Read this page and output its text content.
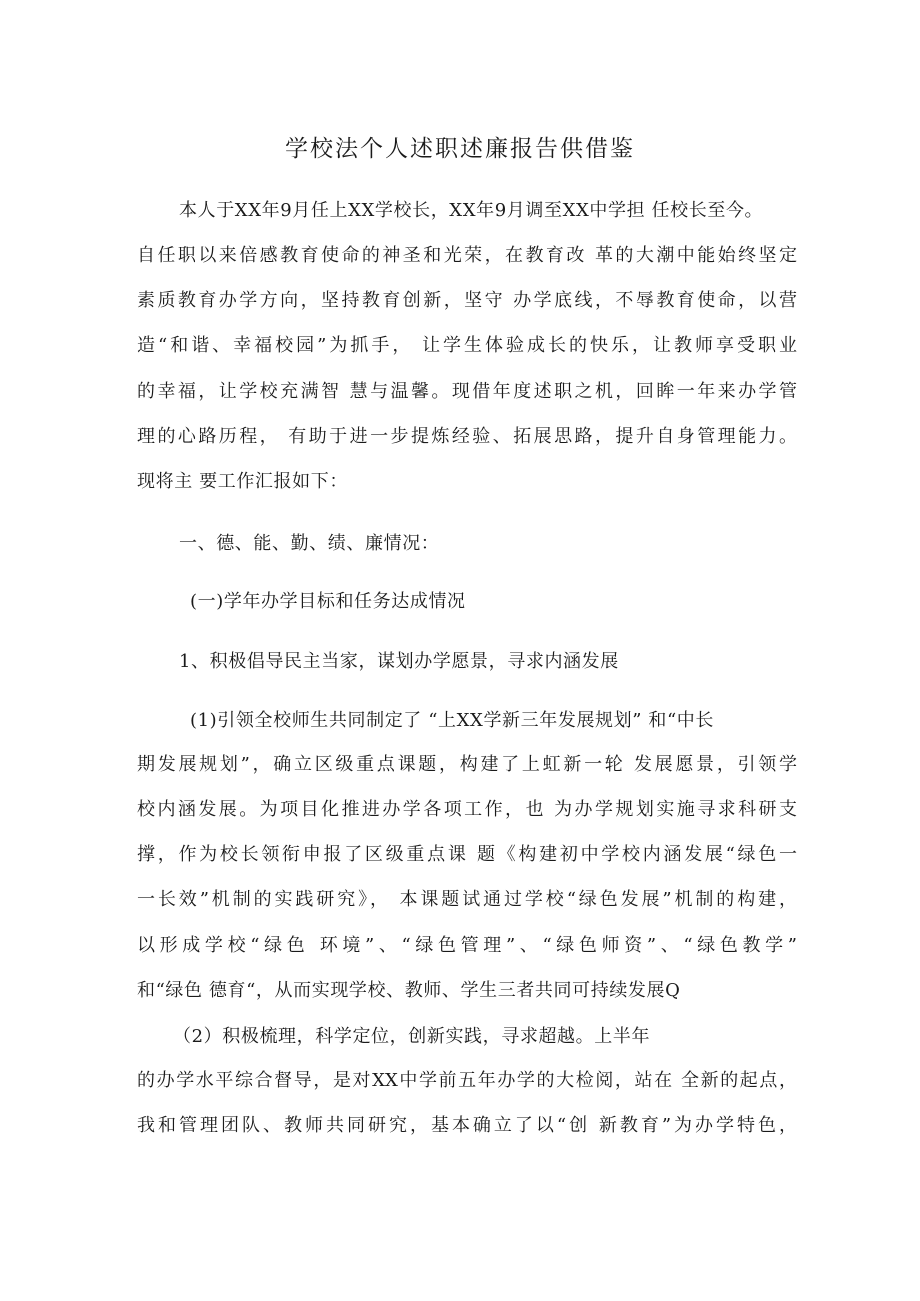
学校法个人述职述廉报告供借鉴
本人于XX年9月任上XX学校长，XX年9月调至XX中学担 任校长至今。
自任职以来倍感教育使命的神圣和光荣，在教育改 革的大潮中能始终坚定
素质教育办学方向，坚持教育创新，坚守 办学底线，不辱教育使命，以营
造“和谐、幸福校园”为抓手， 让学生体验成长的快乐，让教师享受职业
的幸福，让学校充满智 慧与温馨。现借年度述职之机，回眸一年来办学管
理的心路历程， 有助于进一步提炼经验、拓展思路，提升自身管理能力。
现将主 要工作汇报如下：
一、德、能、勤、绩、廉情况：
(一)学年办学目标和任务达成情况
1、积极倡导民主当家，谋划办学愿景，寻求内涵发展
(1)引领全校师生共同制定了 “上XX学新三年发展规划” 和“中长
期发展规划”，确立区级重点课题，构建了上虹新一轮 发展愿景，引领学
校内涵发展。为项目化推进办学各项工作，也 为办学规划实施寻求科研支
撑，作为校长领衔申报了区级重点课 题《构建初中学校内涵发展“绿色一
一长效”机制的实践研究》， 本课题试通过学校“绿色发展”机制的构建，
以形成学校“绿色 环境”、“绿色管理”、“绿色师资”、“绿色教学”
和“绿色 德育“，从而实现学校、教师、学生三者共同可持续发展Q
（2）积极梳理，科学定位，创新实践，寻求超越。上半年
的办学水平综合督导，是对XX中学前五年办学的大检阅，站在 全新的起点，
我和管理团队、教师共同研究，基本确立了以“创 新教育”为办学特色，
